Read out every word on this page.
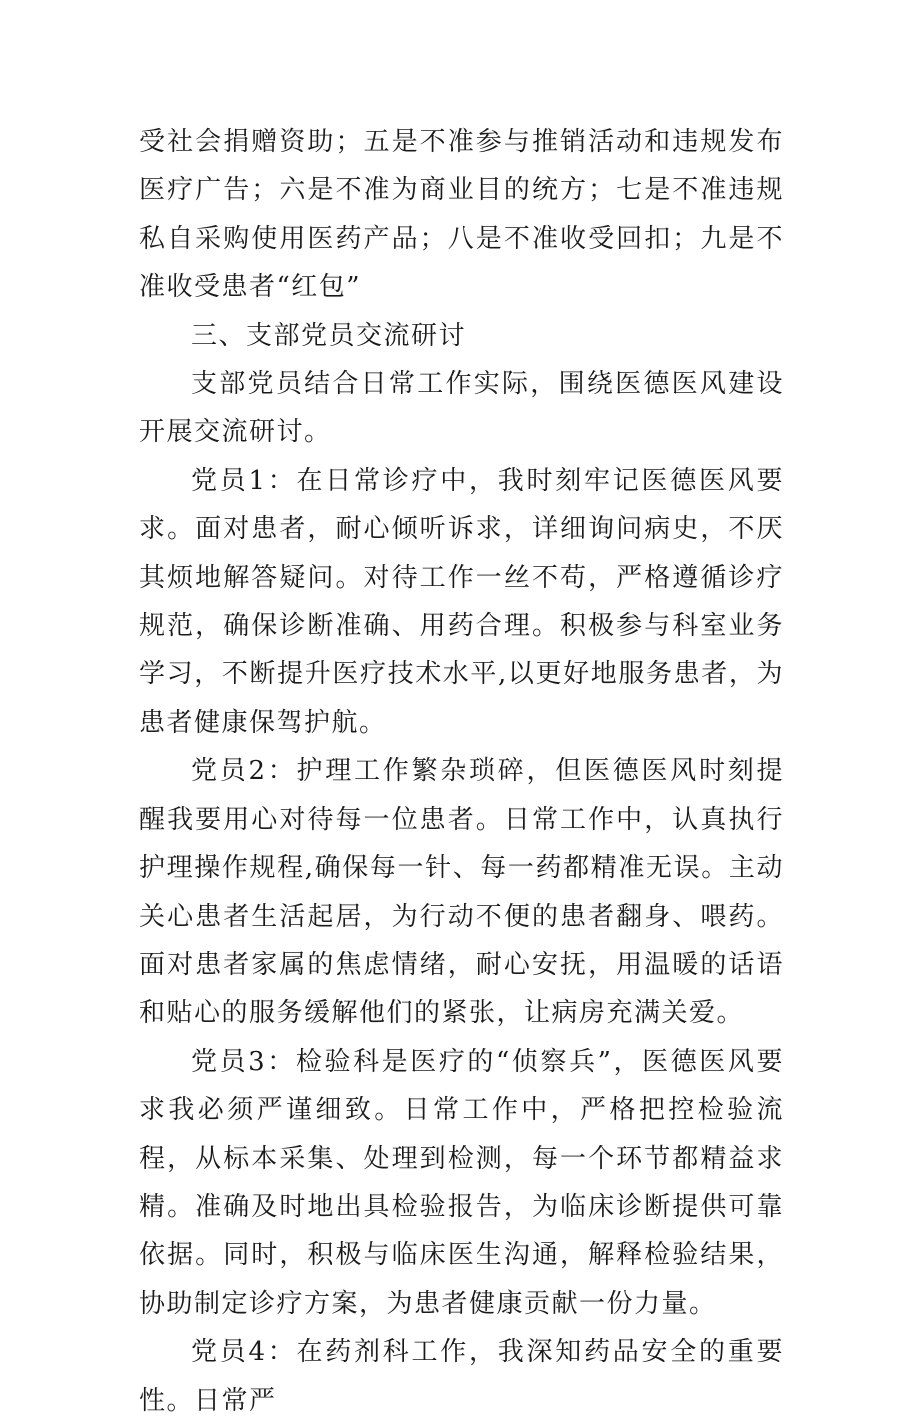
受社会捐赠资助；五是不准参与推销活动和违规发布医疗广告；六是不准为商业目的统方；七是不准违规私自采购使用医药产品；八是不准收受回扣；九是不准收受患者“红包”

三、支部党员交流研讨

支部党员结合日常工作实际，围绕医德医风建设开展交流研讨。

党员1：在日常诊疗中，我时刻牢记医德医风要求。面对患者，耐心倾听诉求，详细询问病史，不厌其烦地解答疑问。对待工作一丝不苟，严格遵循诊疗规范，确保诊断准确、用药合理。积极参与科室业务学习，不断提升医疗技术水平,以更好地服务患者，为患者健康保驾护航。

党员2：护理工作繁杂琐碎，但医德医风时刻提醒我要用心对待每一位患者。日常工作中，认真执行护理操作规程,确保每一针、每一药都精准无误。主动关心患者生活起居，为行动不便的患者翻身、喂药。面对患者家属的焦虑情绪，耐心安抚，用温暖的话语和贴心的服务缓解他们的紧张，让病房充满关爱。

党员3：检验科是医疗的“侦察兵”，医德医风要求我必须严谨细致。日常工作中，严格把控检验流程，从标本采集、处理到检测，每一个环节都精益求精。准确及时地出具检验报告，为临床诊断提供可靠依据。同时，积极与临床医生沟通，解释检验结果，协助制定诊疗方案，为患者健康贡献一份力量。

党员4：在药剂科工作，我深知药品安全的重要性。日常严
